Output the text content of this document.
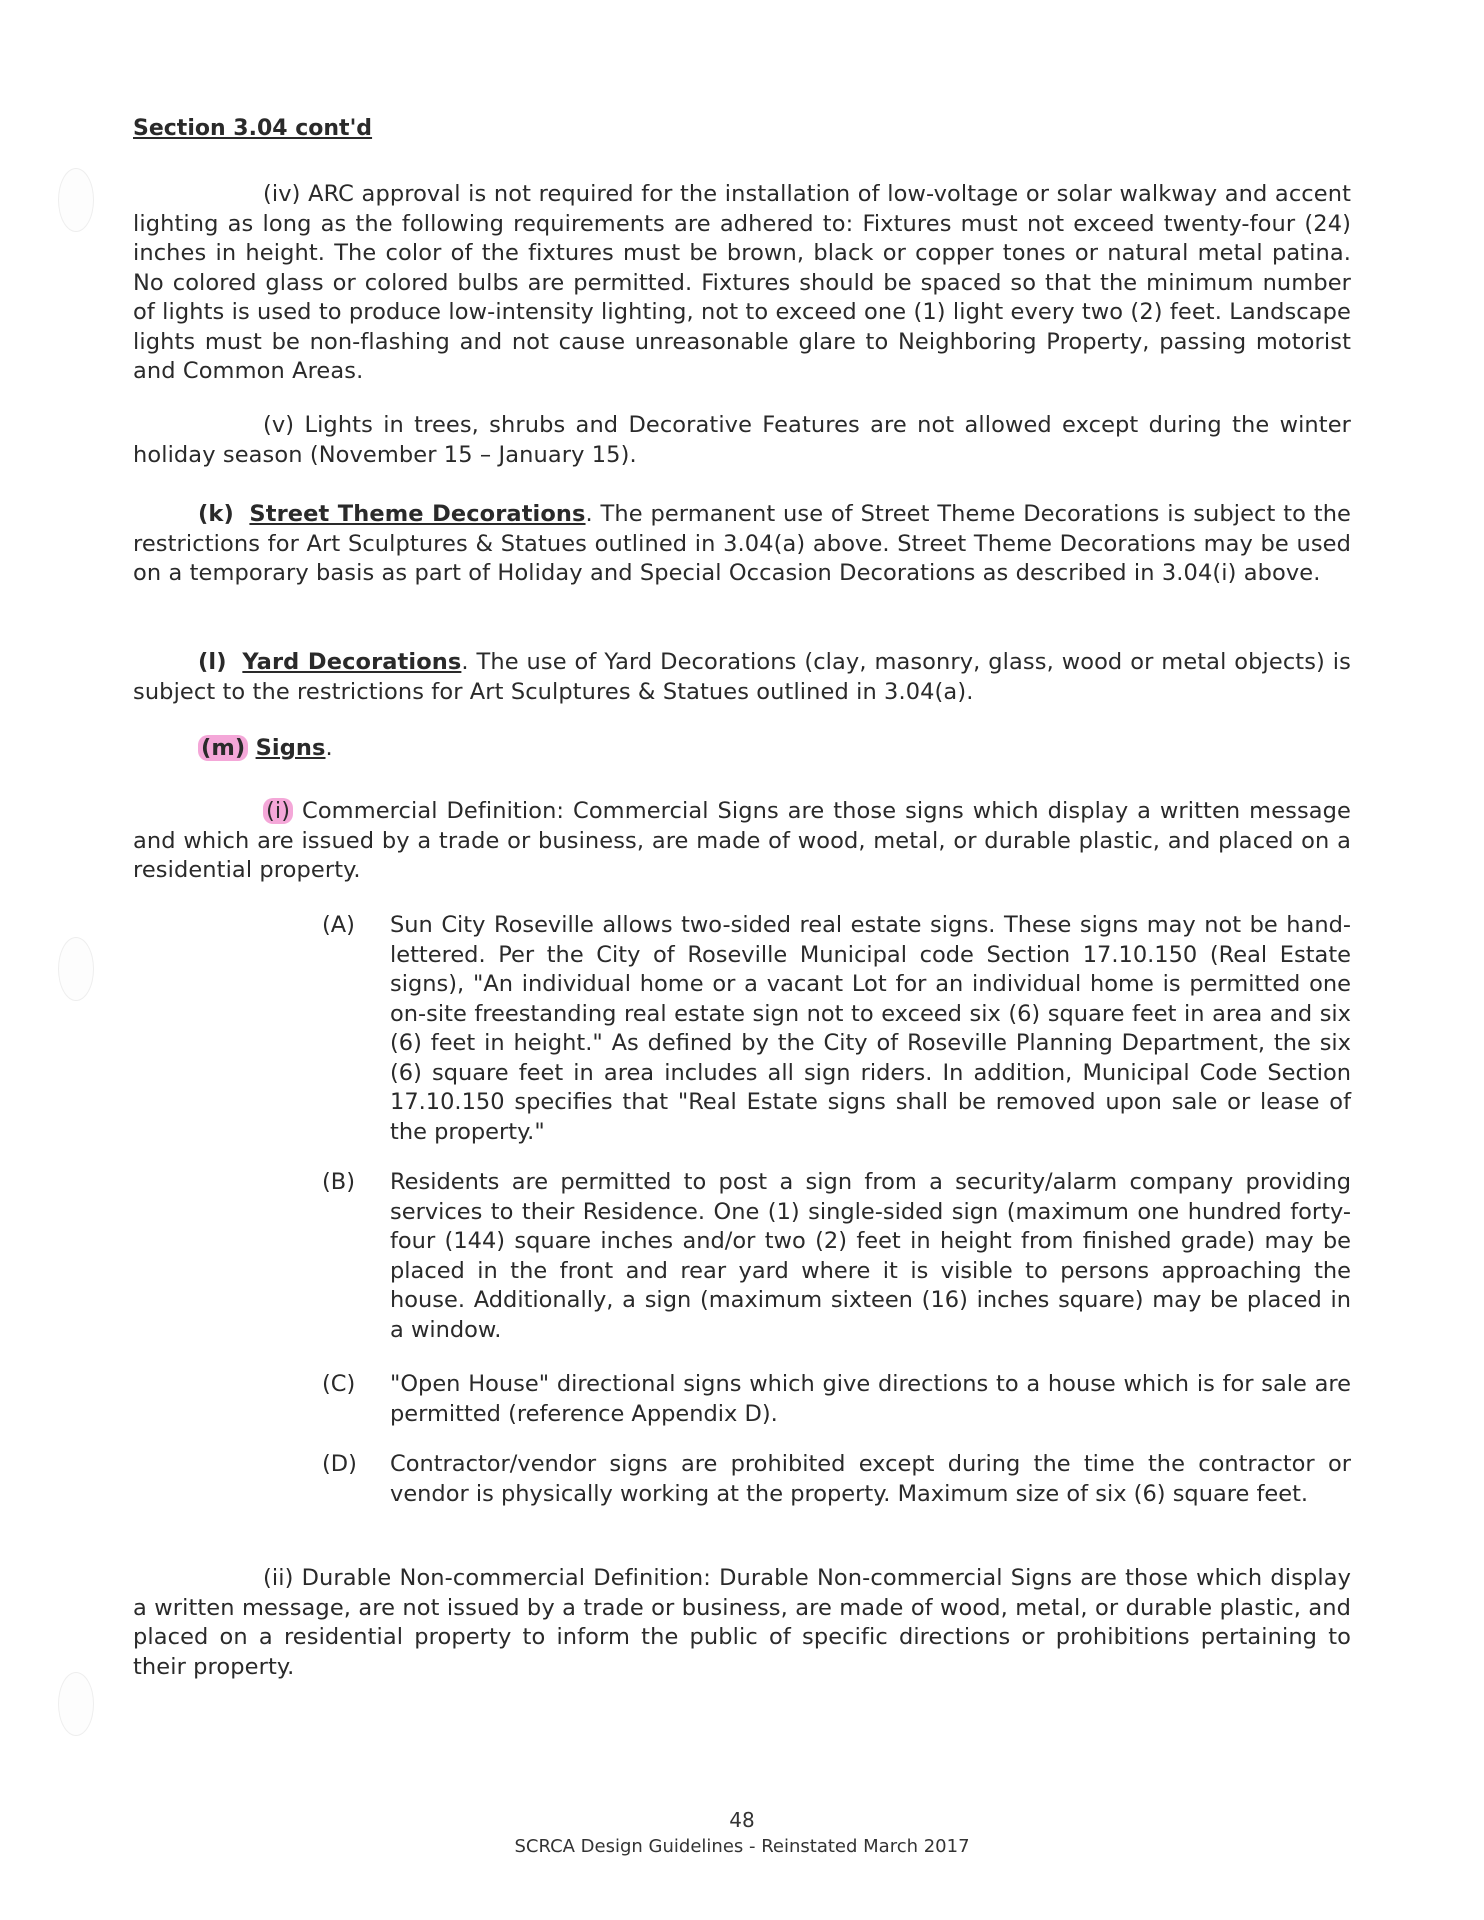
Section 3.04 cont'd
(iv) ARC approval is not required for the installation of low-voltage or solar walkway and accent lighting as long as the following requirements are adhered to: Fixtures must not exceed twenty-four (24) inches in height. The color of the fixtures must be brown, black or copper tones or natural metal patina. No colored glass or colored bulbs are permitted. Fixtures should be spaced so that the minimum number of lights is used to produce low-intensity lighting, not to exceed one (1) light every two (2) feet. Landscape lights must be non-flashing and not cause unreasonable glare to Neighboring Property, passing motorist and Common Areas.
(v) Lights in trees, shrubs and Decorative Features are not allowed except during the winter holiday season (November 15 – January 15).
(k) Street Theme Decorations. The permanent use of Street Theme Decorations is subject to the restrictions for Art Sculptures & Statues outlined in 3.04(a) above. Street Theme Decorations may be used on a temporary basis as part of Holiday and Special Occasion Decorations as described in 3.04(i) above.
(l) Yard Decorations. The use of Yard Decorations (clay, masonry, glass, wood or metal objects) is subject to the restrictions for Art Sculptures & Statues outlined in 3.04(a).
(m) Signs.
(i) Commercial Definition: Commercial Signs are those signs which display a written message and which are issued by a trade or business, are made of wood, metal, or durable plastic, and placed on a residential property.
(A) Sun City Roseville allows two-sided real estate signs. These signs may not be hand-lettered. Per the City of Roseville Municipal code Section 17.10.150 (Real Estate signs), "An individual home or a vacant Lot for an individual home is permitted one on-site freestanding real estate sign not to exceed six (6) square feet in area and six (6) feet in height." As defined by the City of Roseville Planning Department, the six (6) square feet in area includes all sign riders. In addition, Municipal Code Section 17.10.150 specifies that "Real Estate signs shall be removed upon sale or lease of the property."
(B) Residents are permitted to post a sign from a security/alarm company providing services to their Residence. One (1) single-sided sign (maximum one hundred forty-four (144) square inches and/or two (2) feet in height from finished grade) may be placed in the front and rear yard where it is visible to persons approaching the house. Additionally, a sign (maximum sixteen (16) inches square) may be placed in a window.
(C) "Open House" directional signs which give directions to a house which is for sale are permitted (reference Appendix D).
(D) Contractor/vendor signs are prohibited except during the time the contractor or vendor is physically working at the property. Maximum size of six (6) square feet.
(ii) Durable Non-commercial Definition: Durable Non-commercial Signs are those which display a written message, are not issued by a trade or business, are made of wood, metal, or durable plastic, and placed on a residential property to inform the public of specific directions or prohibitions pertaining to their property.
48
SCRCA Design Guidelines - Reinstated March 2017
